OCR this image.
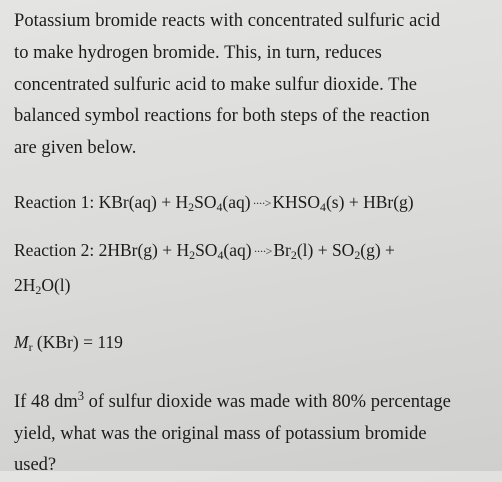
Potassium bromide reacts with concentrated sulfuric acid
to make hydrogen bromide. This, in turn, reduces
concentrated sulfuric acid to make sulfur dioxide. The
balanced symbol reactions for both steps of the reaction
are given below.

Reaction 1: $KBr(aq) + H_2SO_4(aq)$ ····> $KHSO_4(s) + HBr(g)$

Reaction 2: $2HBr(g) + H_2SO_4(aq)$ ····> $Br_2(l) + SO_2(g)$ +

$2H_2O(l)$

$M_r$ (KBr) = 119

If 48 $dm^3$ of sulfur dioxide was made with 80% percentage
yield, what was the original mass of potassium bromide
used?
